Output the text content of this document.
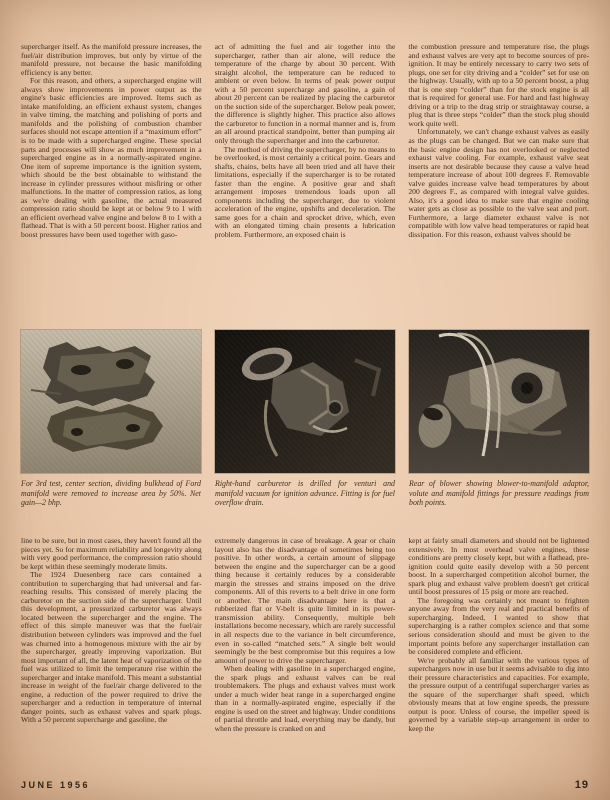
supercharger itself. As the manifold pressure increases, the fuel/air distribution improves, but only by virtue of the manifold pressure, not because the basic manifolding efficiency is any better.

For this reason, and others, a supercharged engine will always show improvements in power output as the engine's basic efficiencies are improved. Items such as intake manifolding, an efficient exhaust system, changes in valve timing, the matching and polishing of ports and manifolds and the polishing of combustion chamber surfaces should not escape attention if a “maximum effort” is to be made with a supercharged engine. These special parts and processes will show as much improvement in a supercharged engine as in a normally-aspirated engine. One item of supreme importance is the ignition system, which should be the best obtainable to withstand the increase in cylinder pressures without misfiring or other malfunctions. In the matter of compression ratios, as long as we're dealing with gasoline, the actual measured compression ratio should be kept at or below 9 to 1 with an efficient overhead valve engine and below 8 to 1 with a flathead. That is with a 50 percent boost. Higher ratios and boost pressures have been used together with gaso-

act of admitting the fuel and air together into the supercharger, rather than air alone, will reduce the temperature of the charge by about 30 percent. With straight alcohol, the temperature can be reduced to ambient or even below. In terms of peak power output with a 50 percent supercharge and gasoline, a gain of about 20 percent can be realized by placing the carburetor on the suction side of the supercharger. Below peak power, the difference is slightly higher. This practice also allows the carburetor to function in a normal manner and is, from an all around practical standpoint, better than pumping air only through the supercharger and into the carburetor.

The method of driving the supercharger, by no means to be overlooked, is most certainly a critical point. Gears and shafts, chains, belts have all been tried and all have their limitations, especially if the supercharger is to be rotated faster than the engine. A positive gear and shaft arrangement imposes tremendous loads upon all components including the supercharger, due to violent acceleration of the engine, upshifts and deceleration. The same goes for a chain and sprocket drive, which, even with an elongated timing chain presents a lubrication problem. Furthermore, an exposed chain is

the combustion pressure and temperature rise, the plugs and exhaust valves are very apt to become sources of pre-ignition. It may be entirely necessary to carry two sets of plugs, one set for city driving and a “colder” set for use on the highway. Usually, with up to a 50 percent boost, a plug that is one step “colder” than for the stock engine is all that is required for general use. For hard and fast highway driving or a trip to the drag strip or straightaway course, a plug that is three steps “colder” than the stock plug should work quite well.

Unfortunately, we can't change exhaust valves as easily as the plugs can be changed. But we can make sure that the basic engine design has not overlooked or neglected exhaust valve cooling. For example, exhaust valve seat inserts are not desirable because they cause a valve head temperature increase of about 100 degrees F. Removable valve guides increase valve head temperatures by about 200 degrees F., as compared with integral valve guides. Also, it's a good idea to make sure that engine cooling water gets as close as possible to the valve seat and port. Furthermore, a large diameter exhaust valve is not compatible with low valve head temperatures or rapid heat dissipation. For this reason, exhaust valves should be

For 3rd test, center section, dividing bulkhead of Ford manifold were removed to increase area by 50%. Net gain—2 bhp.
Right-hand carburetor is drilled for venturi and manifold vacuum for ignition advance. Fitting is for fuel overflow drain.
Rear of blower showing blower-to-manifold adaptor, volute and manifold fittings for pressure readings from both points.

line to be sure, but in most cases, they haven't found all the pieces yet. So for maximum reliability and longevity along with very good performance, the compression ratio should be kept within these seemingly moderate limits.

The 1924 Duesenberg race cars contained a contribution to supercharging that had universal and far-reaching results. This consisted of merely placing the carburetor on the suction side of the supercharger. Until this development, a pressurized carburetor was always located between the supercharger and the engine. The effect of this simple maneuver was that the fuel/air distribution between cylinders was improved and the fuel was churned into a homogenous mixture with the air by the supercharger, greatly improving vaporization. But most important of all, the latent heat of vaporization of the fuel was utilized to limit the temperature rise within the supercharger and intake manifold. This meant a substantial increase in weight of the fuel/air charge delivered to the engine, a reduction of the power required to drive the supercharger and a reduction in temperature of internal danger points, such as exhaust valves and spark plugs. With a 50 percent supercharge and gasoline, the

extremely dangerous in case of breakage. A gear or chain layout also has the disadvantage of sometimes being too positive. In other words, a certain amount of slippage between the engine and the supercharger can be a good thing because it certainly reduces by a considerable margin the stresses and strains imposed on the drive components. All of this reverts to a belt drive in one form or another. The main disadvantage here is that a rubberized flat or V-belt is quite limited in its power-transmission ability. Consequently, multiple belt installations become necessary, which are rarely successful in all respects due to the variance in belt circumference, even in so-called “matched sets.” A single belt would seemingly be the best compromise but this requires a low amount of power to drive the supercharger.

When dealing with gasoline in a supercharged engine, the spark plugs and exhaust valves can be real troublemakers. The plugs and exhaust valves must work under a much wider heat range in a supercharged engine than in a normally-aspirated engine, especially if the engine is used on the street and highway. Under conditions of partial throttle and load, everything may be dandy, but when the pressure is cranked on and

kept at fairly small diameters and should not be lightened extensively. In most overhead valve engines, these conditions are pretty closely kept, but with a flathead, pre-ignition could quite easily develop with a 50 percent boost. In a supercharged competition alcohol burner, the spark plug and exhaust valve problem doesn't get critical until boost pressures of 15 psig or more are reached.

The foregoing was certainly not meant to frighten anyone away from the very real and practical benefits of supercharging. Indeed, I wanted to show that supercharging is a rather complex science and that some serious consideration should and must be given to the important points before any supercharger installation can be considered complete and efficient.

We're probably all familiar with the various types of superchargers now in use but it seems advisable to dig into their pressure characteristics and capacities. For example, the pressure output of a centrifugal supercharger varies as the square of the supercharger shaft speed, which obviously means that at low engine speeds, the pressure output is poor. Unless of course, the impeller speed is governed by a variable step-up arrangement in order to keep the

JUNE 1956	19
